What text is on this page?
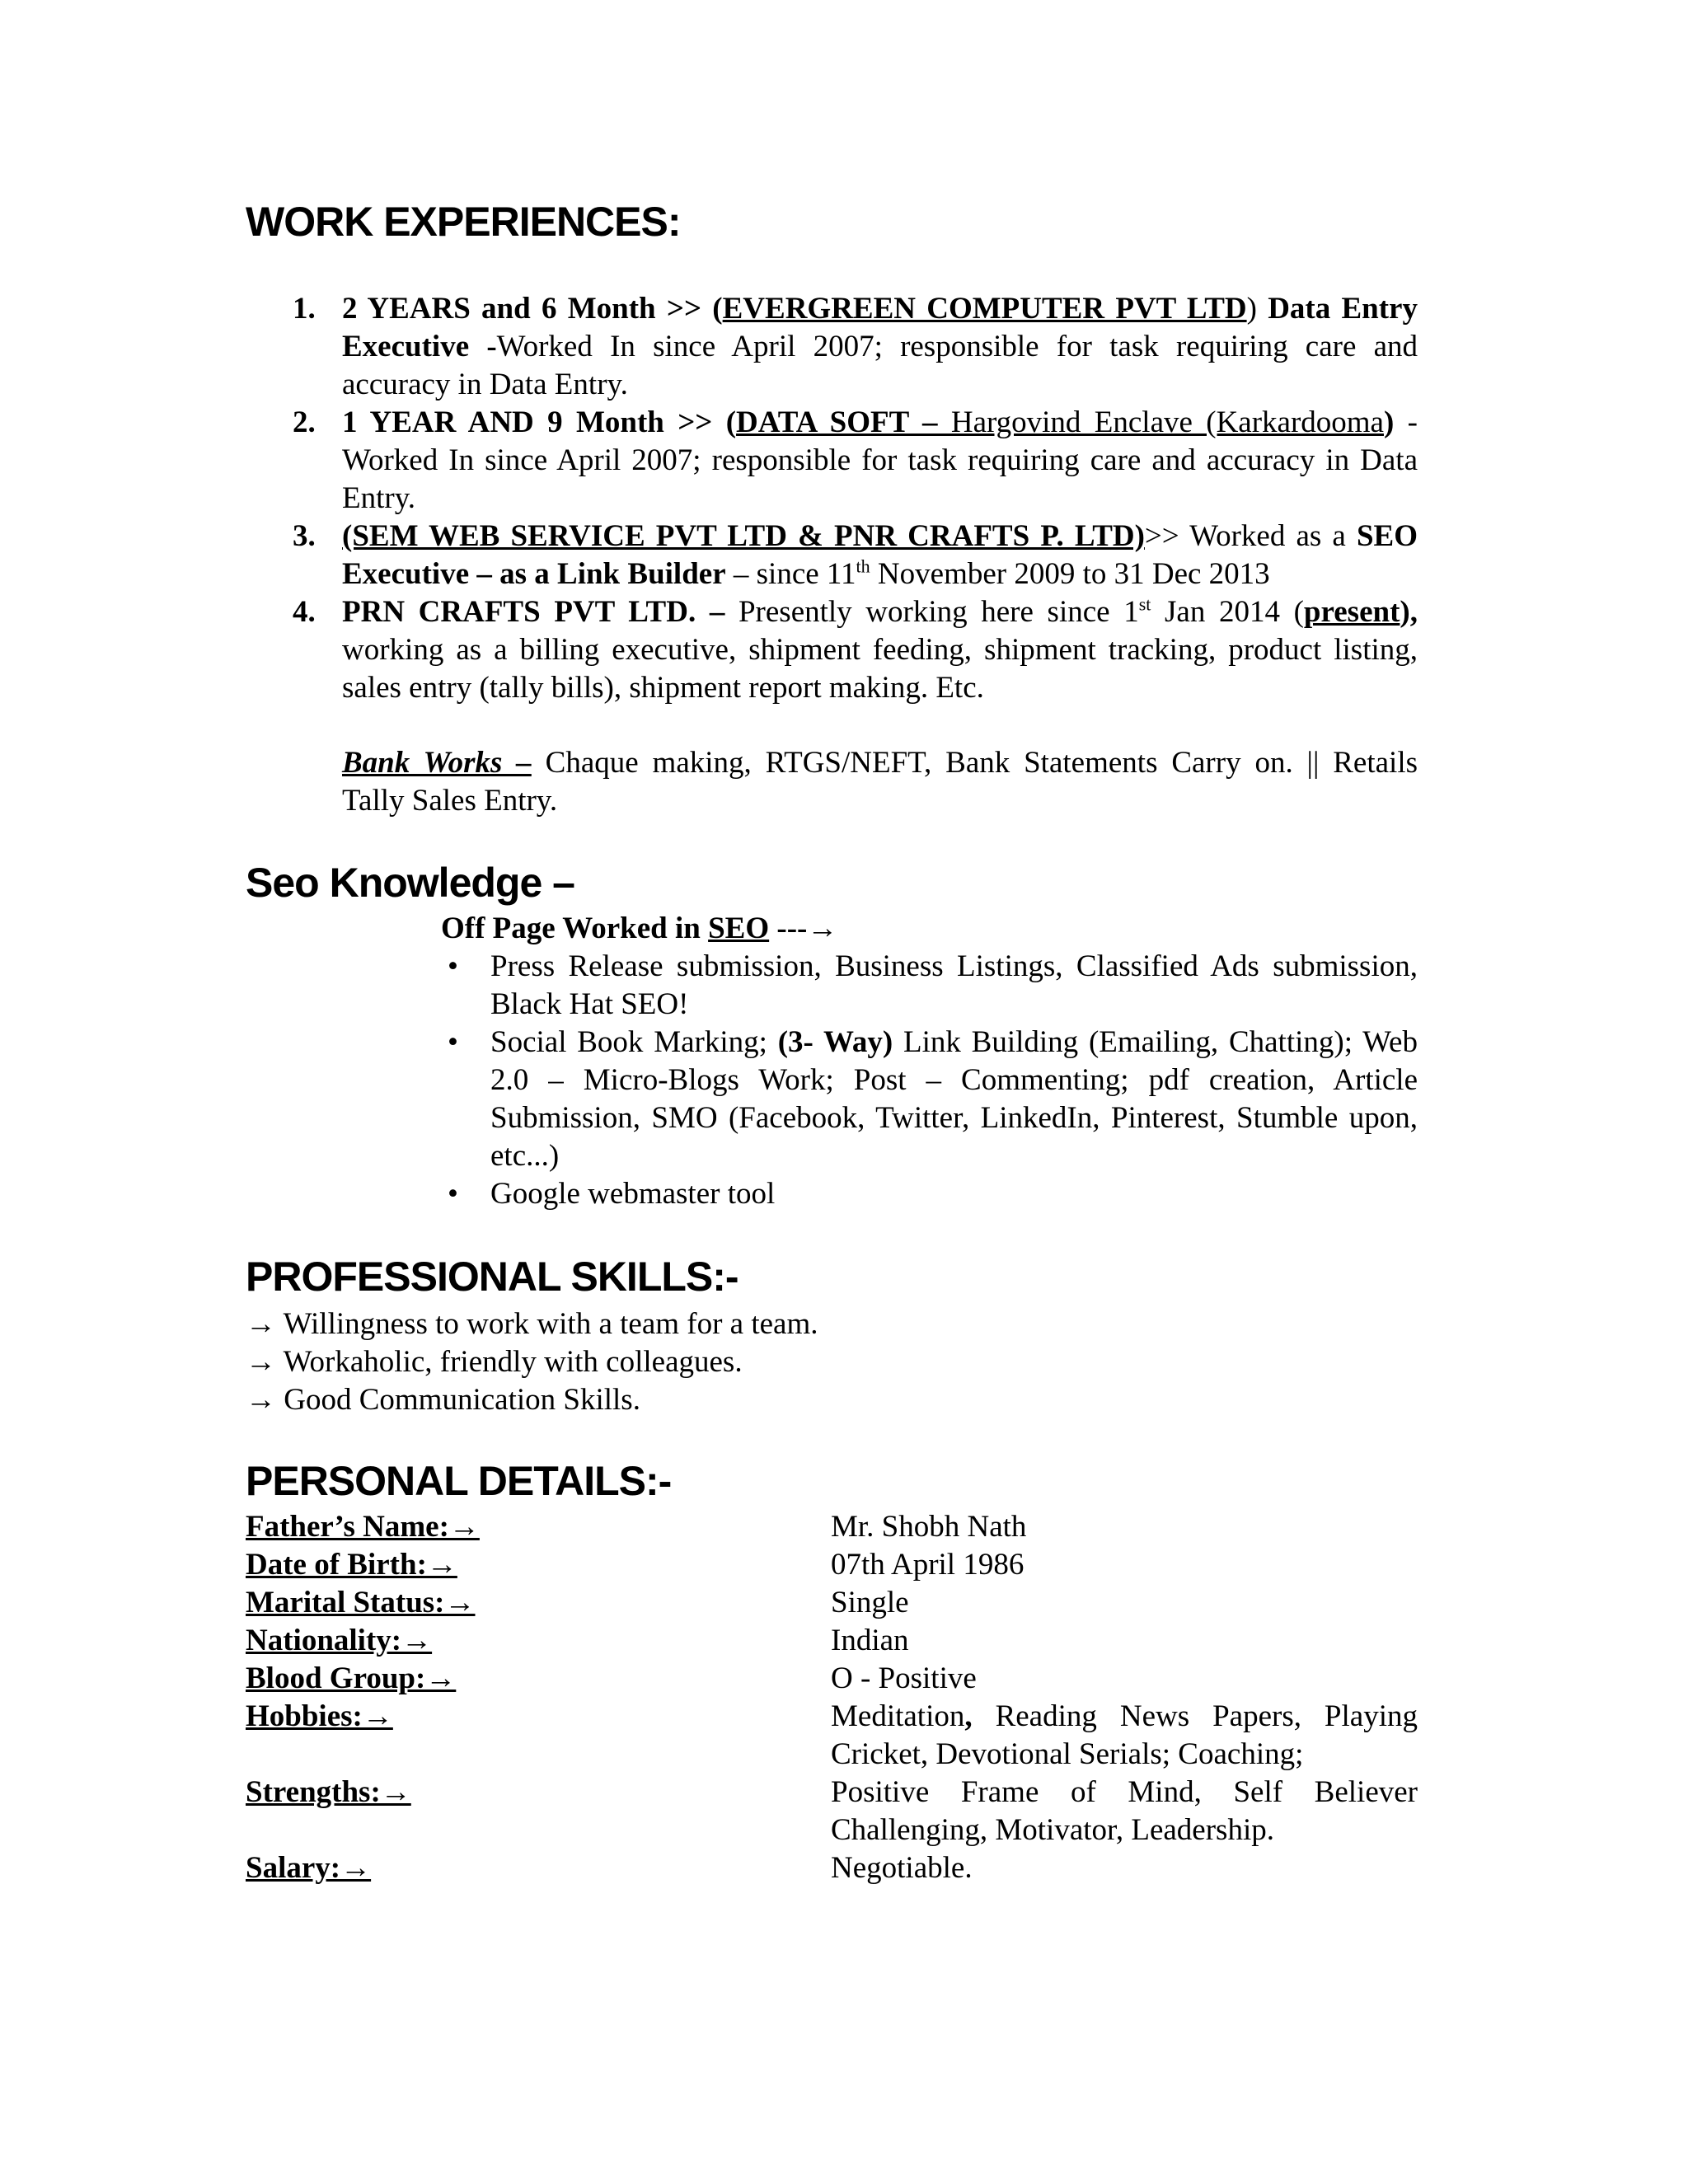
WORK EXPERIENCES:
1. 2 YEARS and 6 Month >> (EVERGREEN COMPUTER PVT LTD) Data Entry Executive -Worked In since April 2007; responsible for task requiring care and accuracy in Data Entry.
2. 1 YEAR AND 9 Month >> (DATA SOFT – Hargovind Enclave (Karkardooma) - Worked In since April 2007; responsible for task requiring care and accuracy in Data Entry.
3. (SEM WEB SERVICE PVT LTD & PNR CRAFTS P. LTD)>> Worked as a SEO Executive – as a Link Builder – since 11th November 2009 to 31 Dec 2013
4. PRN CRAFTS PVT LTD. – Presently working here since 1st Jan 2014 (present), working as a billing executive, shipment feeding, shipment tracking, product listing, sales entry (tally bills), shipment report making. Etc.
Bank Works – Chaque making, RTGS/NEFT, Bank Statements Carry on. || Retails Tally Sales Entry.
Seo Knowledge –
Off Page Worked in SEO ---→
• Press Release submission, Business Listings, Classified Ads submission, Black Hat SEO!
• Social Book Marking; (3- Way) Link Building (Emailing, Chatting); Web 2.0 – Micro-Blogs Work; Post – Commenting; pdf creation, Article Submission, SMO (Facebook, Twitter, LinkedIn, Pinterest, Stumble upon, etc...)
• Google webmaster tool
PROFESSIONAL SKILLS:-
→ Willingness to work with a team for a team.
→ Workaholic, friendly with colleagues.
→ Good Communication Skills.
PERSONAL DETAILS:-
Father’s Name:→	Mr. Shobh Nath
Date of Birth:→	07th April 1986
Marital Status:→	Single
Nationality:→	Indian
Blood Group:→	O - Positive
Hobbies:→	Meditation, Reading News Papers, Playing Cricket, Devotional Serials; Coaching;
Strengths:→	Positive Frame of Mind, Self Believer Challenging, Motivator, Leadership.
Salary:→	Negotiable.
